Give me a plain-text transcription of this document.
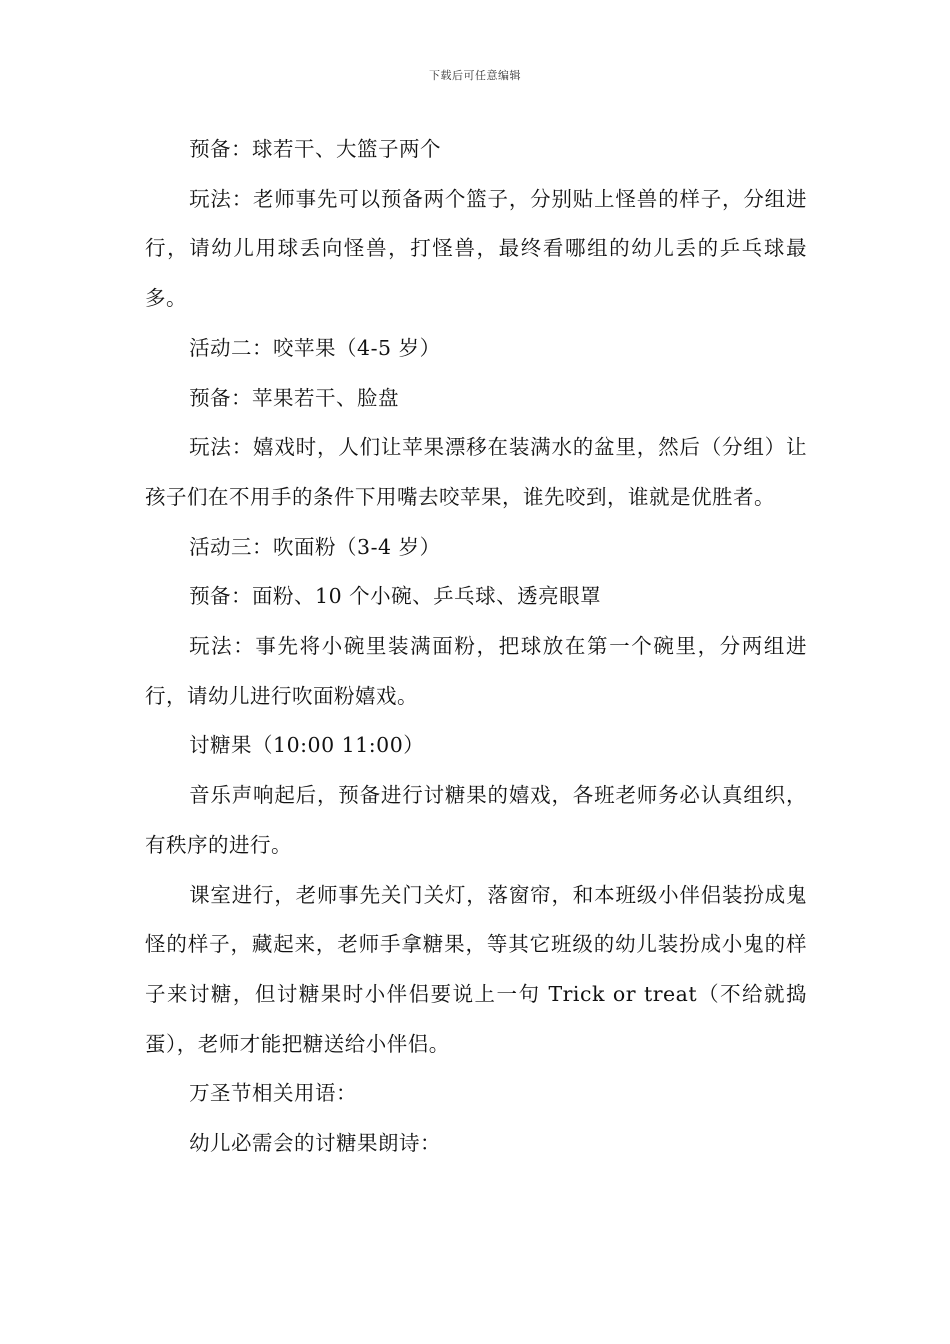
下载后可任意编辑

预备：球若干、大篮子两个

玩法：老师事先可以预备两个篮子，分别贴上怪兽的样子，分组进行，请幼儿用球丢向怪兽，打怪兽，最终看哪组的幼儿丢的乒乓球最多。

活动二：咬苹果（4-5 岁）

预备：苹果若干、脸盘

玩法：嬉戏时，人们让苹果漂移在装满水的盆里，然后（分组）让孩子们在不用手的条件下用嘴去咬苹果，谁先咬到，谁就是优胜者。

活动三：吹面粉（3-4 岁）

预备：面粉、10 个小碗、乒乓球、透亮眼罩

玩法：事先将小碗里装满面粉，把球放在第一个碗里，分两组进行，请幼儿进行吹面粉嬉戏。

讨糖果（10:00 11:00）

音乐声响起后，预备进行讨糖果的嬉戏，各班老师务必认真组织，有秩序的进行。

课室进行，老师事先关门关灯，落窗帘，和本班级小伴侣装扮成鬼怪的样子，藏起来，老师手拿糖果，等其它班级的幼儿装扮成小鬼的样子来讨糖，但讨糖果时小伴侣要说上一句 Trick or treat（不给就捣蛋），老师才能把糖送给小伴侣。

万圣节相关用语：

幼儿必需会的讨糖果朗诗：
